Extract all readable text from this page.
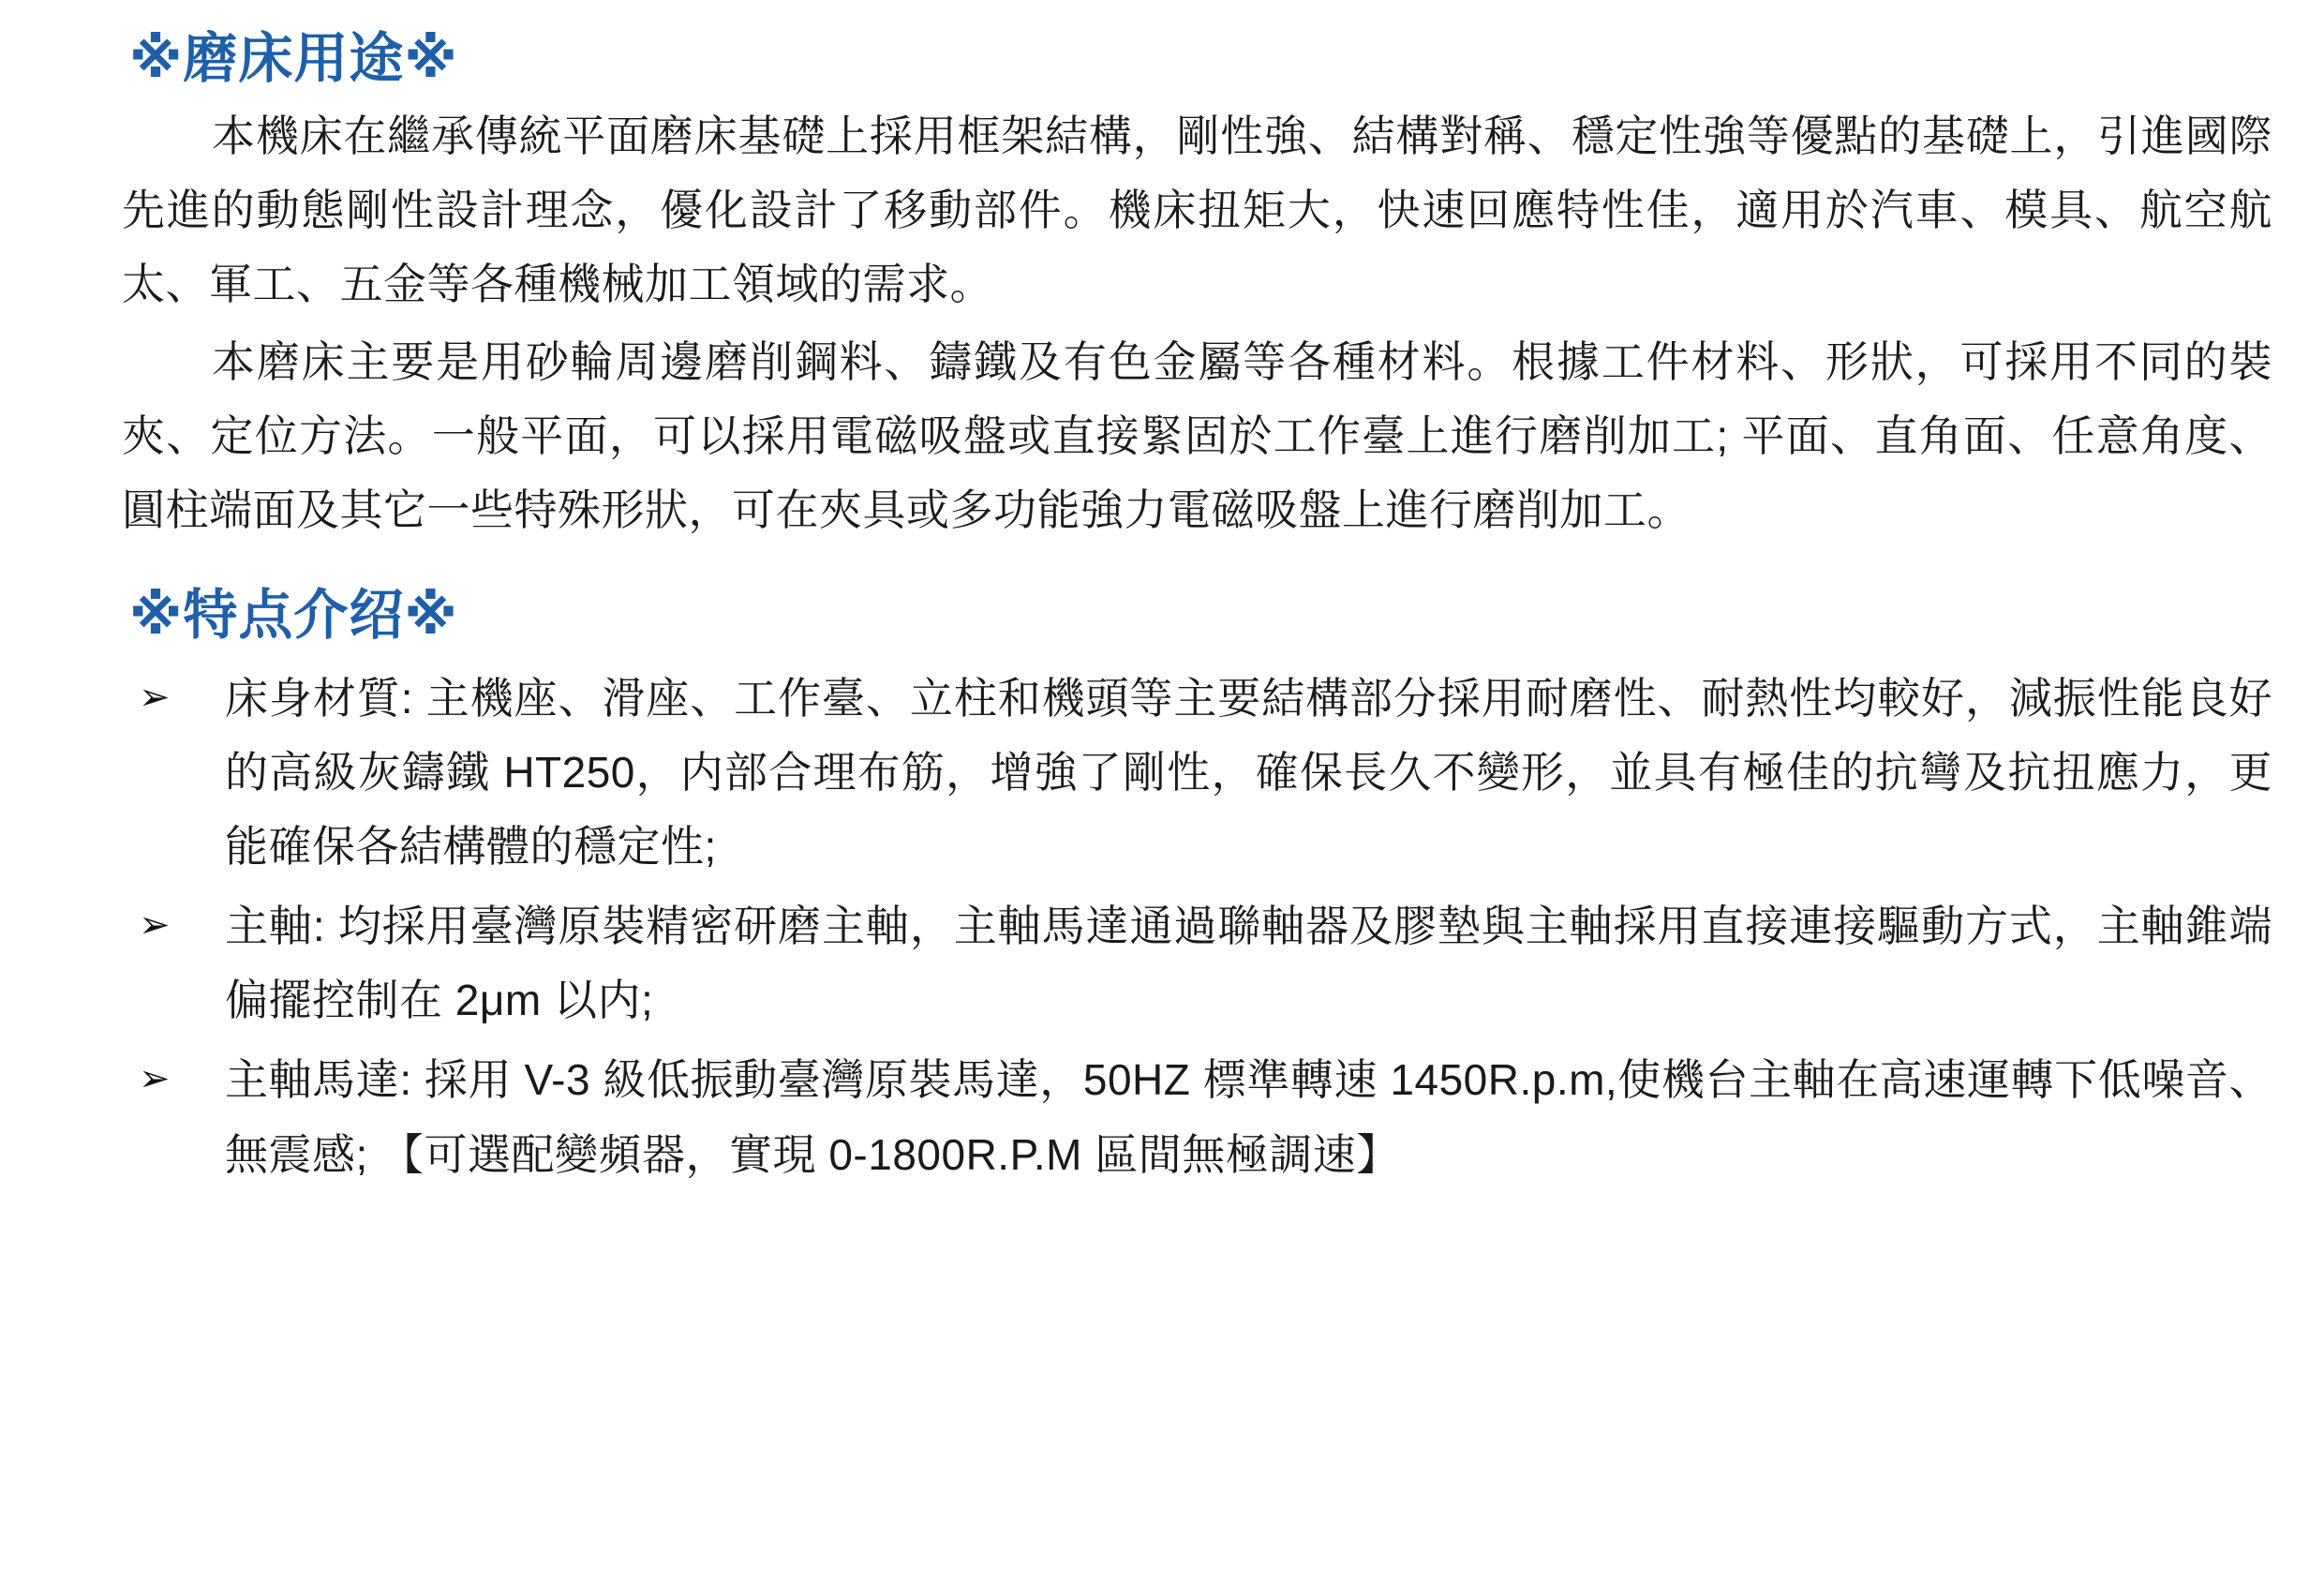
※磨床用途※

本機床在繼承傳統平面磨床基礎上採用框架結構，剛性強、結構對稱、穩定性強等優點的基礎上，引進國際先進的動態剛性設計理念，優化設計了移動部件。機床扭矩大，快速回應特性佳，適用於汽車、模具、航空航太、軍工、五金等各種機械加工領域的需求。

本磨床主要是用砂輪周邊磨削鋼料、鑄鐵及有色金屬等各種材料。根據工件材料、形狀，可採用不同的裝夾、定位方法。一般平面，可以採用電磁吸盤或直接緊固於工作臺上進行磨削加工; 平面、直角面、任意角度、圓柱端面及其它一些特殊形狀，可在夾具或多功能強力電磁吸盤上進行磨削加工。

※特点介绍※
➢ 床身材質: 主機座、滑座、工作臺、立柱和機頭等主要結構部分採用耐磨性、耐熱性均較好，減振性能良好的高級灰鑄鐵 HT250，内部合理布筋，增強了剛性，確保長久不變形，並具有極佳的抗彎及抗扭應力，更能確保各結構體的穩定性;
➢ 主軸: 均採用臺灣原裝精密研磨主軸，主軸馬達通過聯軸器及膠墊與主軸採用直接連接驅動方式，主軸錐端偏擺控制在 2μm 以内;
➢ 主軸馬達: 採用 V-3 級低振動臺灣原裝馬達，50HZ 標準轉速 1450R.p.m,使機台主軸在高速運轉下低噪音、無震感; 【可選配變頻器，實現 0-1800R.P.M 區間無極調速】
